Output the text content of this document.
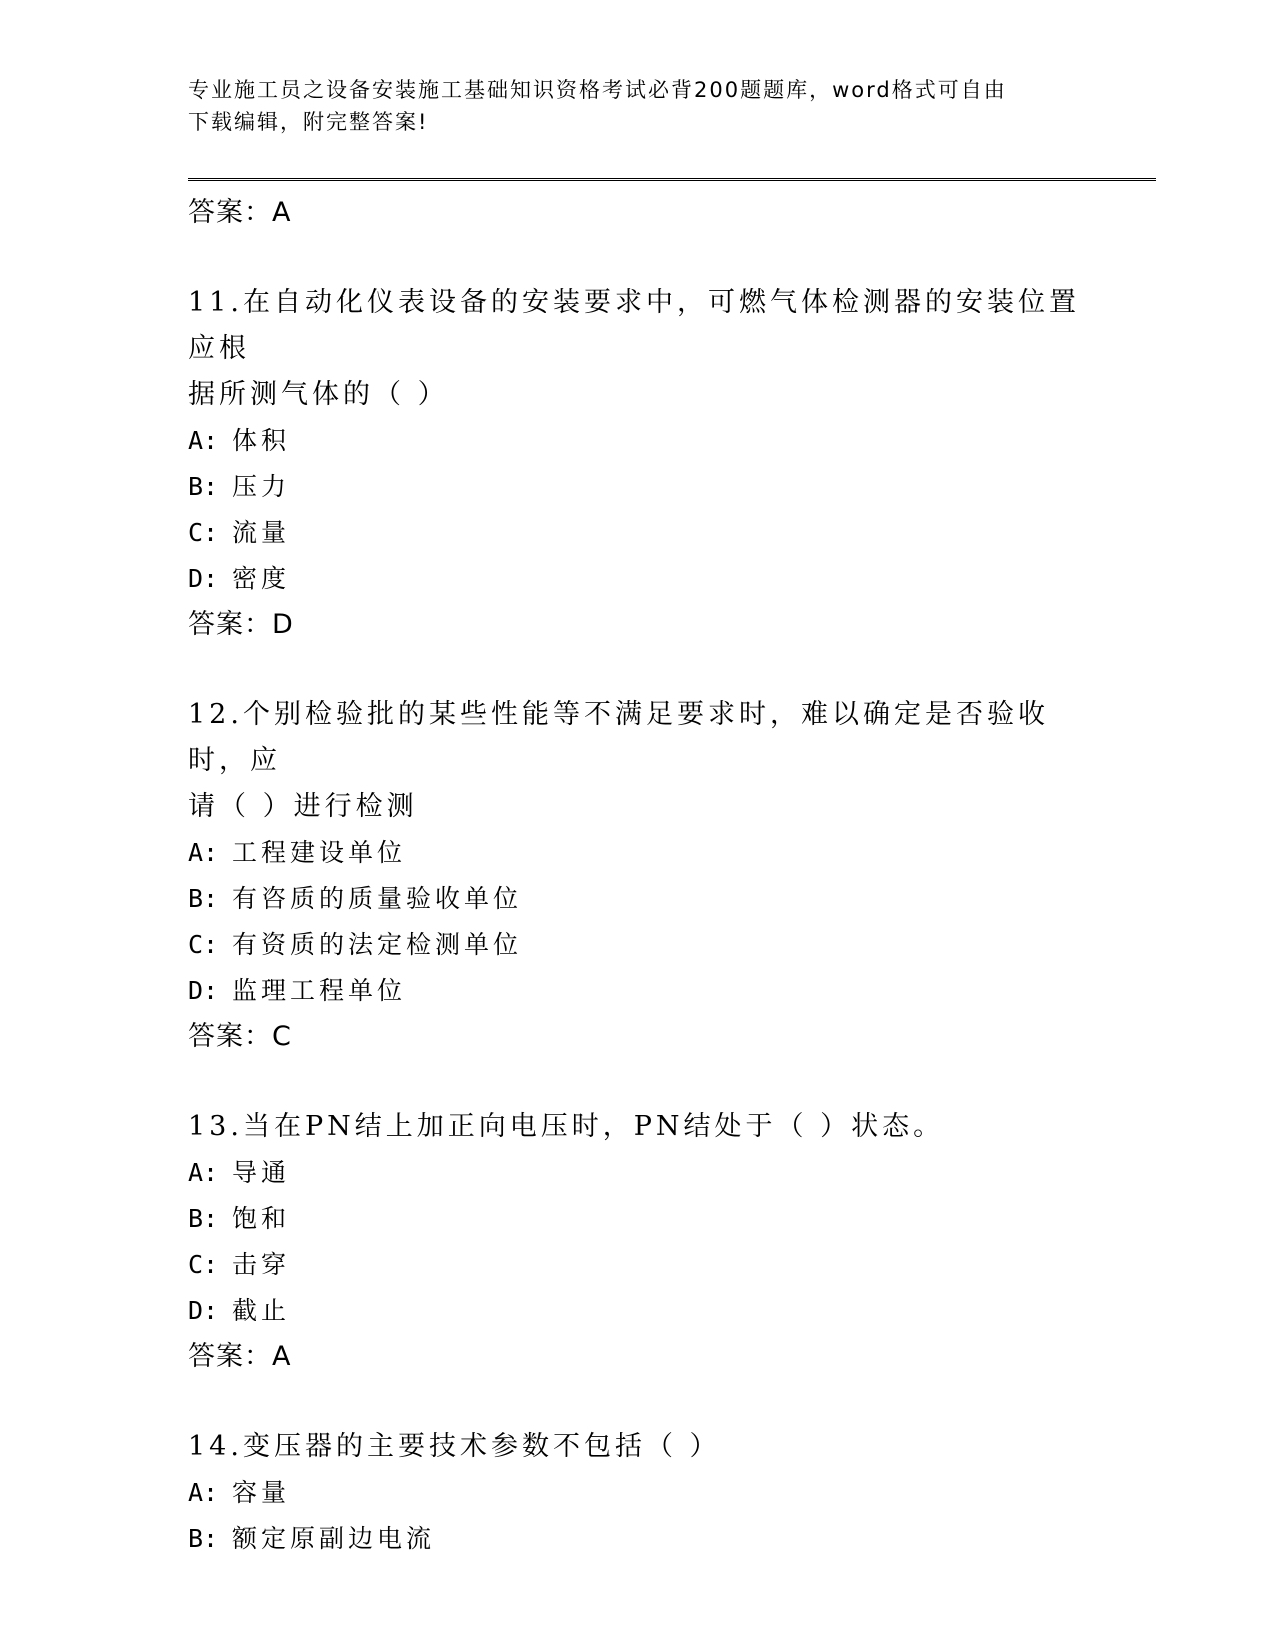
专业施工员之设备安装施工基础知识资格考试必背200题题库，word格式可自由
下载编辑，附完整答案!
答案：A
11.在自动化仪表设备的安装要求中，可燃气体检测器的安装位置应根
据所测气体的（ ）
A: 体积
B: 压力
C: 流量
D: 密度
答案：D
12.个别检验批的某些性能等不满足要求时，难以确定是否验收时，应
请（ ）进行检测
A: 工程建设单位
B: 有咨质的质量验收单位
C: 有资质的法定检测单位
D: 监理工程单位
答案：C
13.当在PN结上加正向电压时，PN结处于（ ）状态。
A: 导通
B: 饱和
C: 击穿
D: 截止
答案：A
14.变压器的主要技术参数不包括（ ）
A: 容量
B: 额定原副边电流
